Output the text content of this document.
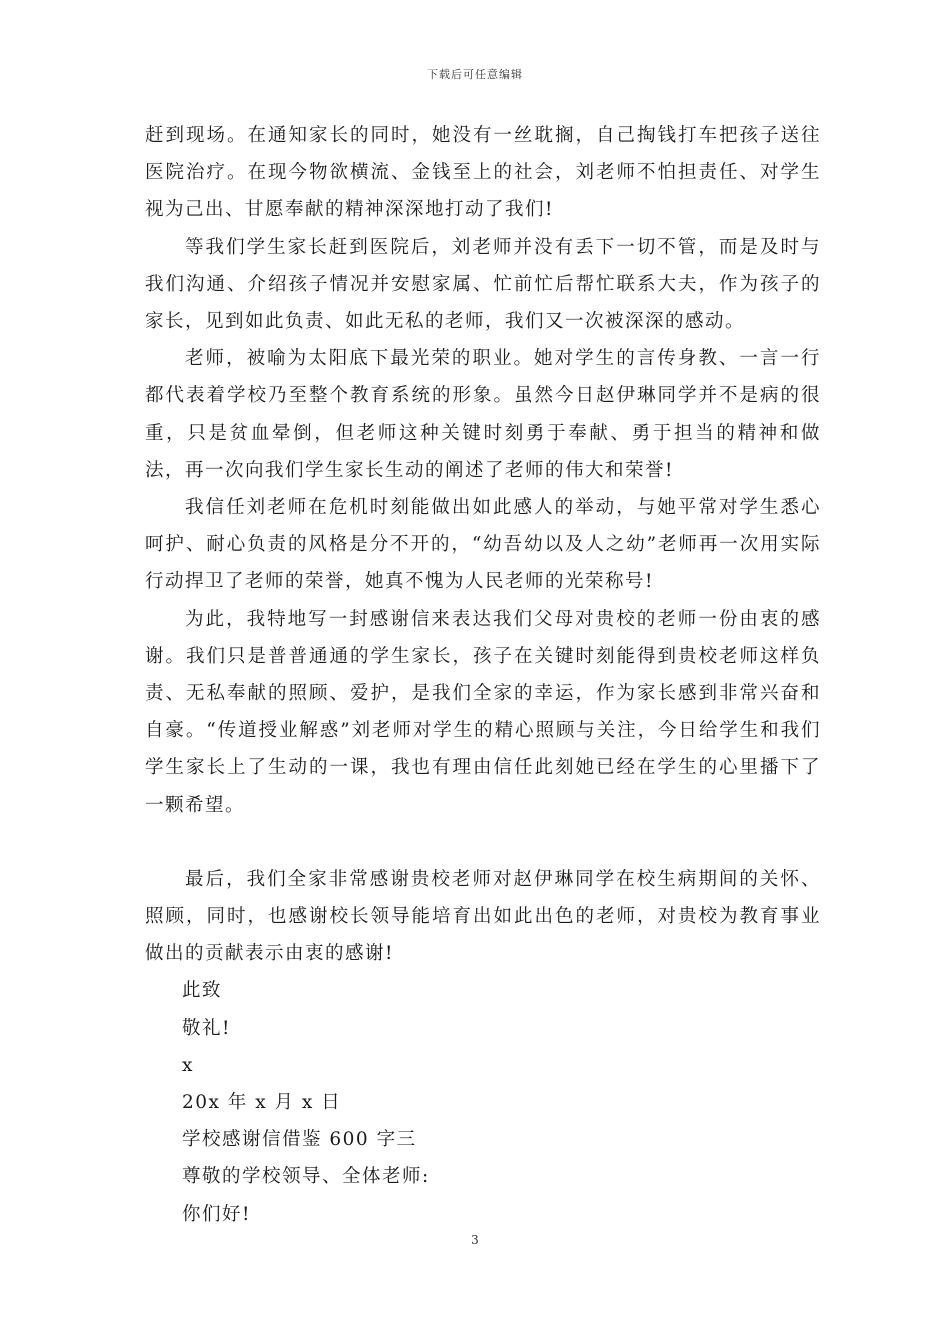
下载后可任意编辑

赶到现场。在通知家长的同时，她没有一丝耽搁，自己掏钱打车把孩子送往医院治疗。在现今物欲横流、金钱至上的社会，刘老师不怕担责任、对学生视为己出、甘愿奉献的精神深深地打动了我们!

等我们学生家长赶到医院后，刘老师并没有丢下一切不管，而是及时与我们沟通、介绍孩子情况并安慰家属、忙前忙后帮忙联系大夫，作为孩子的家长，见到如此负责、如此无私的老师，我们又一次被深深的感动。

老师，被喻为太阳底下最光荣的职业。她对学生的言传身教、一言一行都代表着学校乃至整个教育系统的形象。虽然今日赵伊琳同学并不是病的很重，只是贫血晕倒，但老师这种关键时刻勇于奉献、勇于担当的精神和做法，再一次向我们学生家长生动的阐述了老师的伟大和荣誉!

我信任刘老师在危机时刻能做出如此感人的举动，与她平常对学生悉心呵护、耐心负责的风格是分不开的，“幼吾幼以及人之幼”老师再一次用实际行动捍卫了老师的荣誉，她真不愧为人民老师的光荣称号!

为此，我特地写一封感谢信来表达我们父母对贵校的老师一份由衷的感谢。我们只是普普通通的学生家长，孩子在关键时刻能得到贵校老师这样负责、无私奉献的照顾、爱护，是我们全家的幸运，作为家长感到非常兴奋和自豪。“传道授业解惑”刘老师对学生的精心照顾与关注，今日给学生和我们学生家长上了生动的一课，我也有理由信任此刻她已经在学生的心里播下了一颗希望。

最后，我们全家非常感谢贵校老师对赵伊琳同学在校生病期间的关怀、照顾，同时，也感谢校长领导能培育出如此出色的老师，对贵校为教育事业做出的贡献表示由衷的感谢!

此致
敬礼!
x
20x 年 x 月 x 日
学校感谢信借鉴 600 字三
尊敬的学校领导、全体老师:
你们好!
3
